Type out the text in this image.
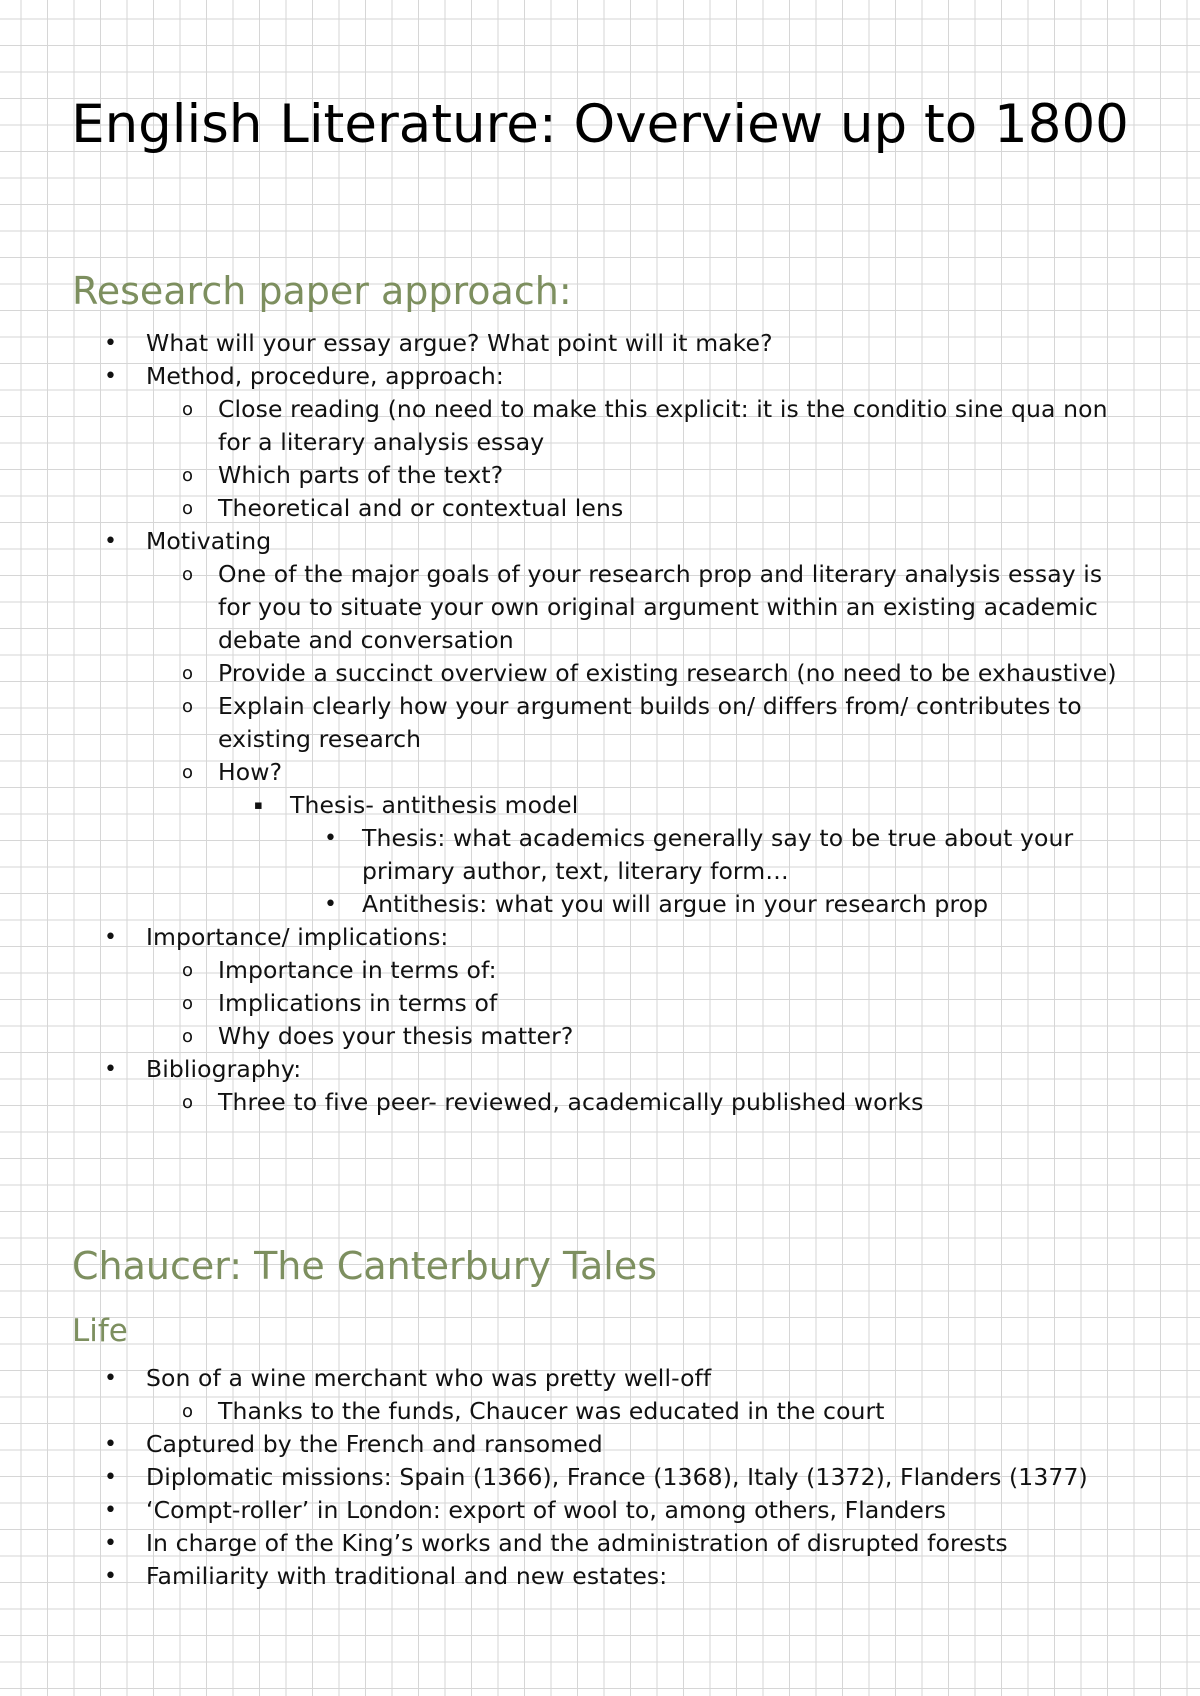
English Literature: Overview up to 1800
Research paper approach:
• What will your essay argue? What point will it make?
• Method, procedure, approach:
o Close reading (no need to make this explicit: it is the conditio sine qua non for a literary analysis essay
o Which parts of the text?
o Theoretical and or contextual lens
• Motivating
o One of the major goals of your research prop and literary analysis essay is for you to situate your own original argument within an existing academic debate and conversation
o Provide a succinct overview of existing research (no need to be exhaustive)
o Explain clearly how your argument builds on/ differs from/ contributes to existing research
o How?
▪ Thesis- antithesis model
• Thesis: what academics generally say to be true about your primary author, text, literary form…
• Antithesis: what you will argue in your research prop
• Importance/ implications:
o Importance in terms of:
o Implications in terms of
o Why does your thesis matter?
• Bibliography:
o Three to five peer- reviewed, academically published works
Chaucer: The Canterbury Tales
Life
• Son of a wine merchant who was pretty well-off
o Thanks to the funds, Chaucer was educated in the court
• Captured by the French and ransomed
• Diplomatic missions: Spain (1366), France (1368), Italy (1372), Flanders (1377)
• ‘Compt-roller’ in London: export of wool to, among others, Flanders
• In charge of the King’s works and the administration of disrupted forests
• Familiarity with traditional and new estates:
